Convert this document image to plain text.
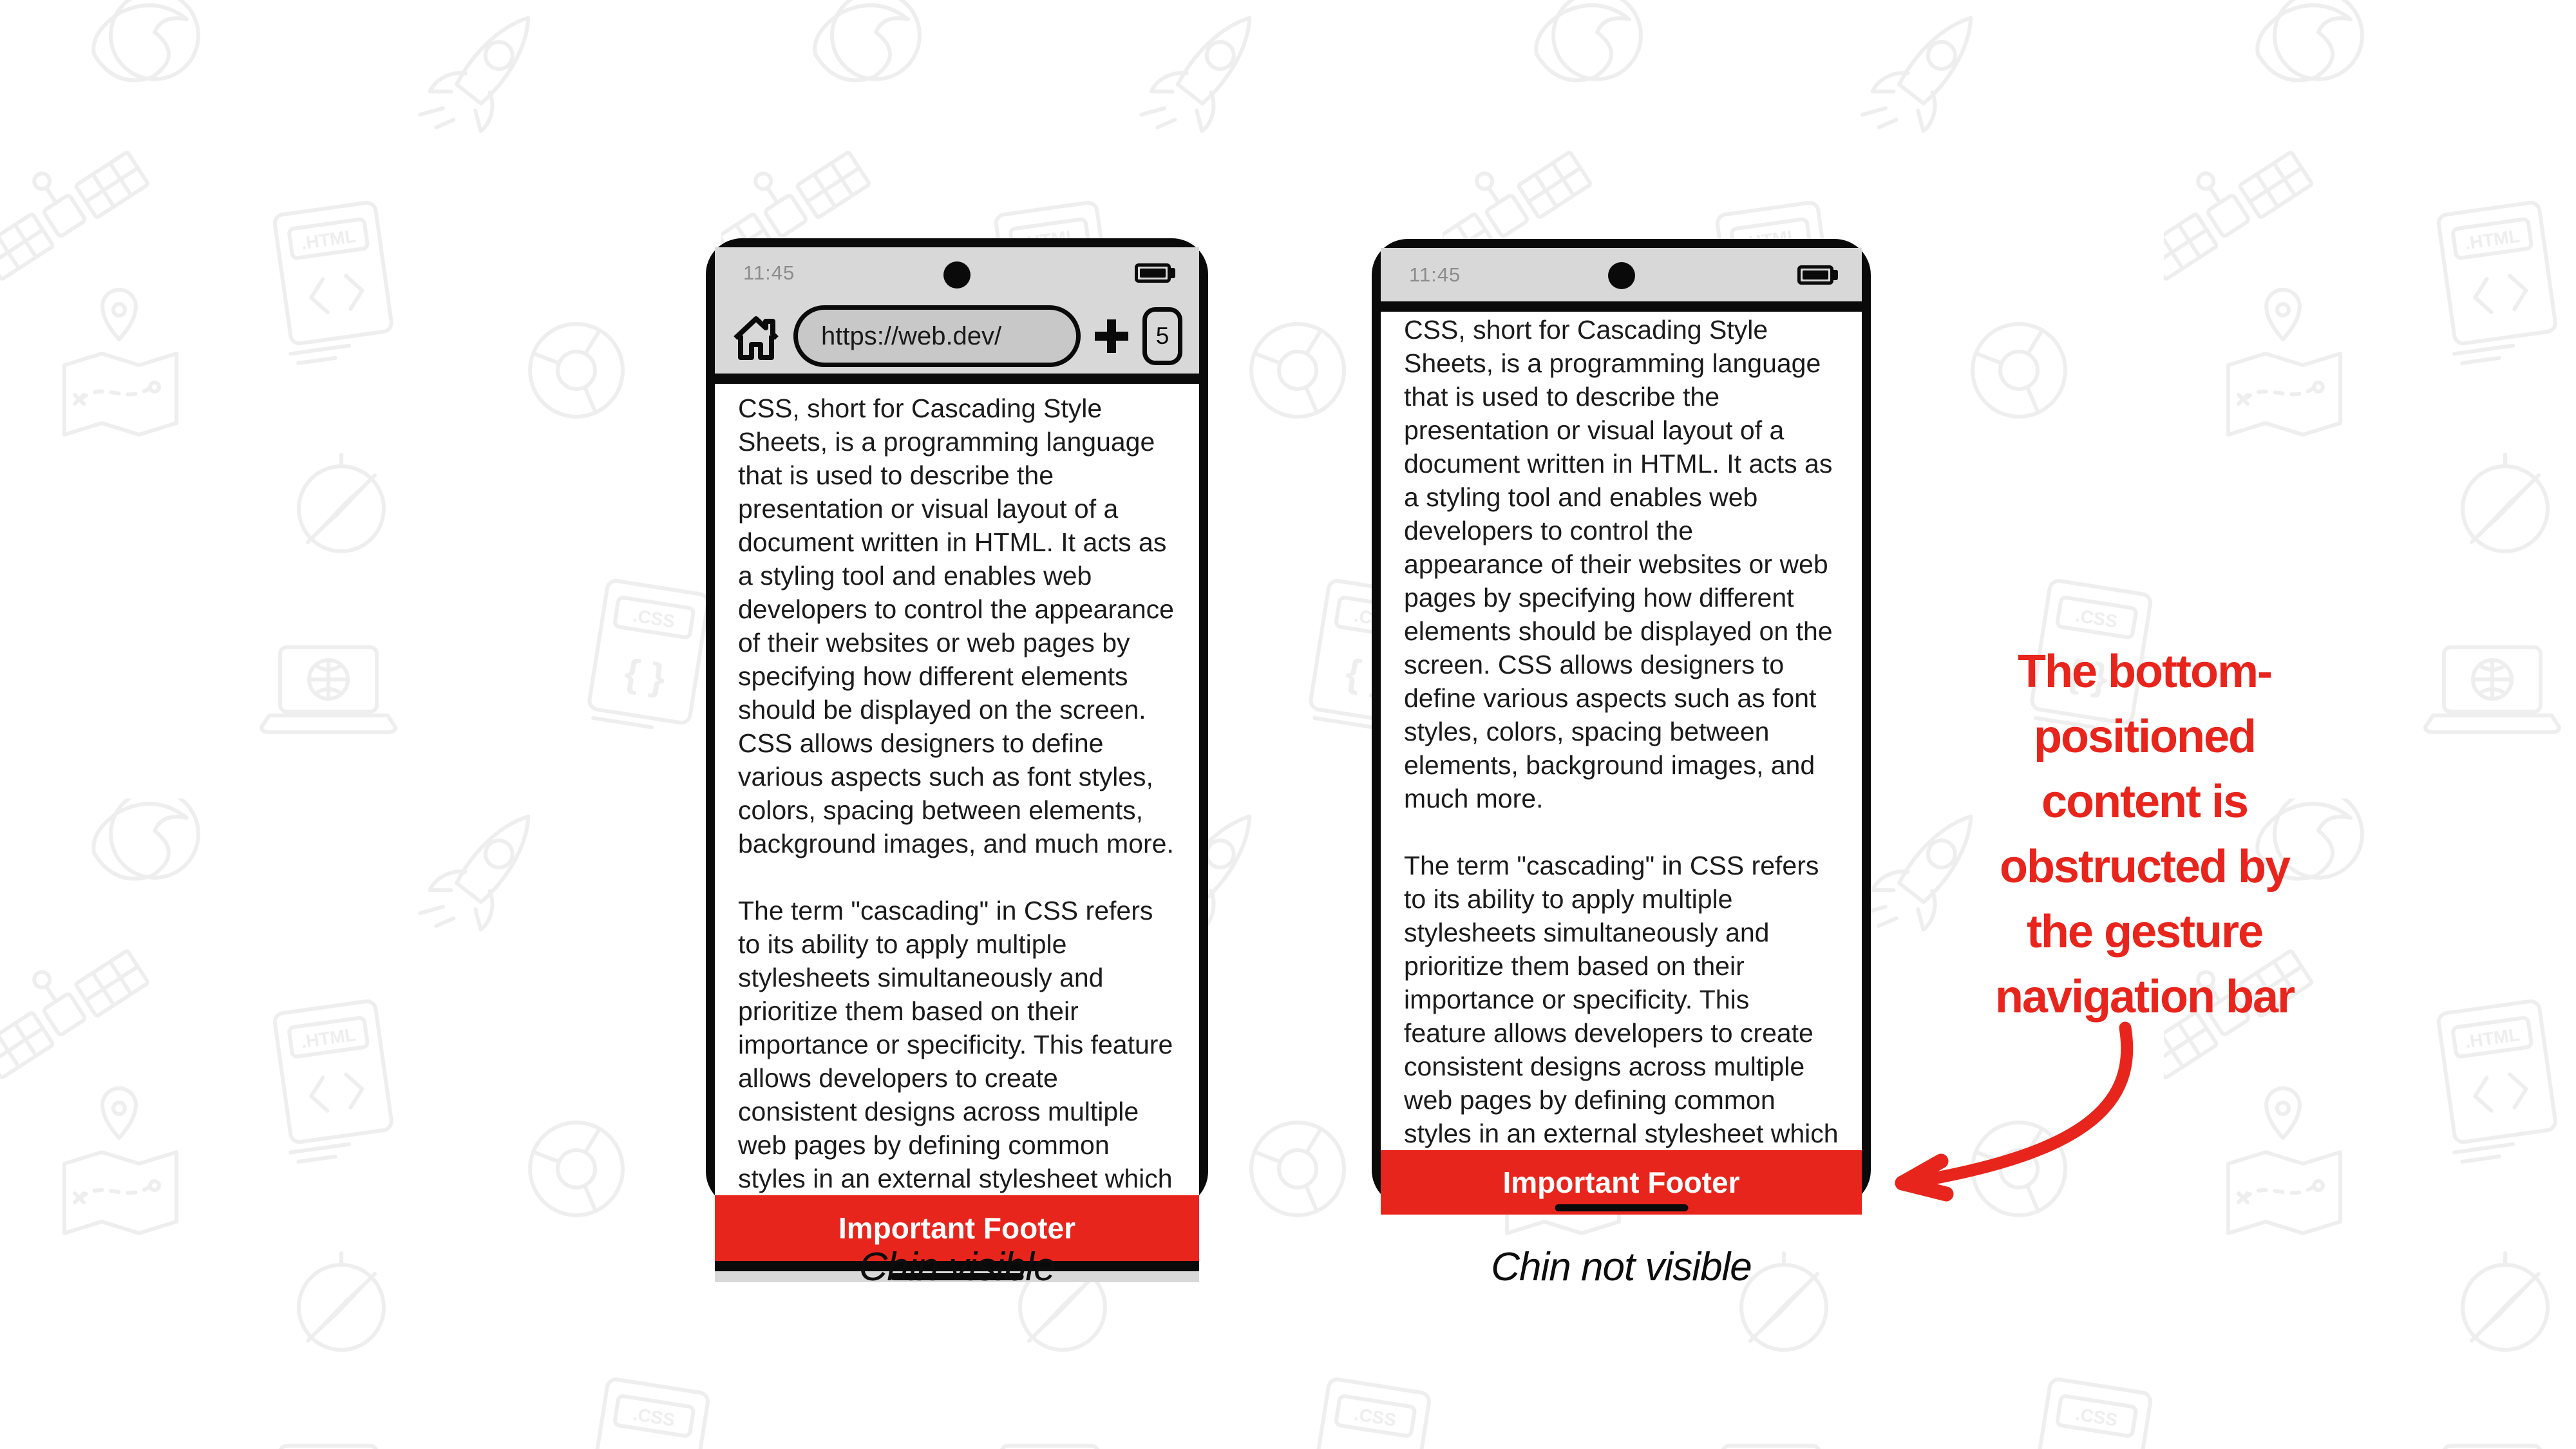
11:45
https://web.dev/	5

CSS, short for Cascading Style Sheets, is a programming language that is used to describe the presentation or visual layout of a document written in HTML. It acts as a styling tool and enables web developers to control the appearance of their websites or web pages by specifying how different elements should be displayed on the screen. CSS allows designers to define various aspects such as font styles, colors, spacing between elements, background images, and much more.

The term "cascading" in CSS refers to its ability to apply multiple stylesheets simultaneously and prioritize them based on their importance or specificity. This feature allows developers to create consistent designs across multiple web pages by defining common styles in an external stylesheet which

Important Footer
11:45

CSS, short for Cascading Style Sheets, is a programming language that is used to describe the presentation or visual layout of a document written in HTML. It acts as a styling tool and enables web developers to control the appearance of their websites or web pages by specifying how different elements should be displayed on the screen. CSS allows designers to define various aspects such as font styles, colors, spacing between elements, background images, and much more.

The term "cascading" in CSS refers to its ability to apply multiple stylesheets simultaneously and prioritize them based on their importance or specificity. This feature allows developers to create consistent designs across multiple web pages by defining common styles in an external stylesheet which

Important Footer
Chin visible	Chin not visible
The bottom-
positioned
content is
obstructed by
the gesture
navigation bar
